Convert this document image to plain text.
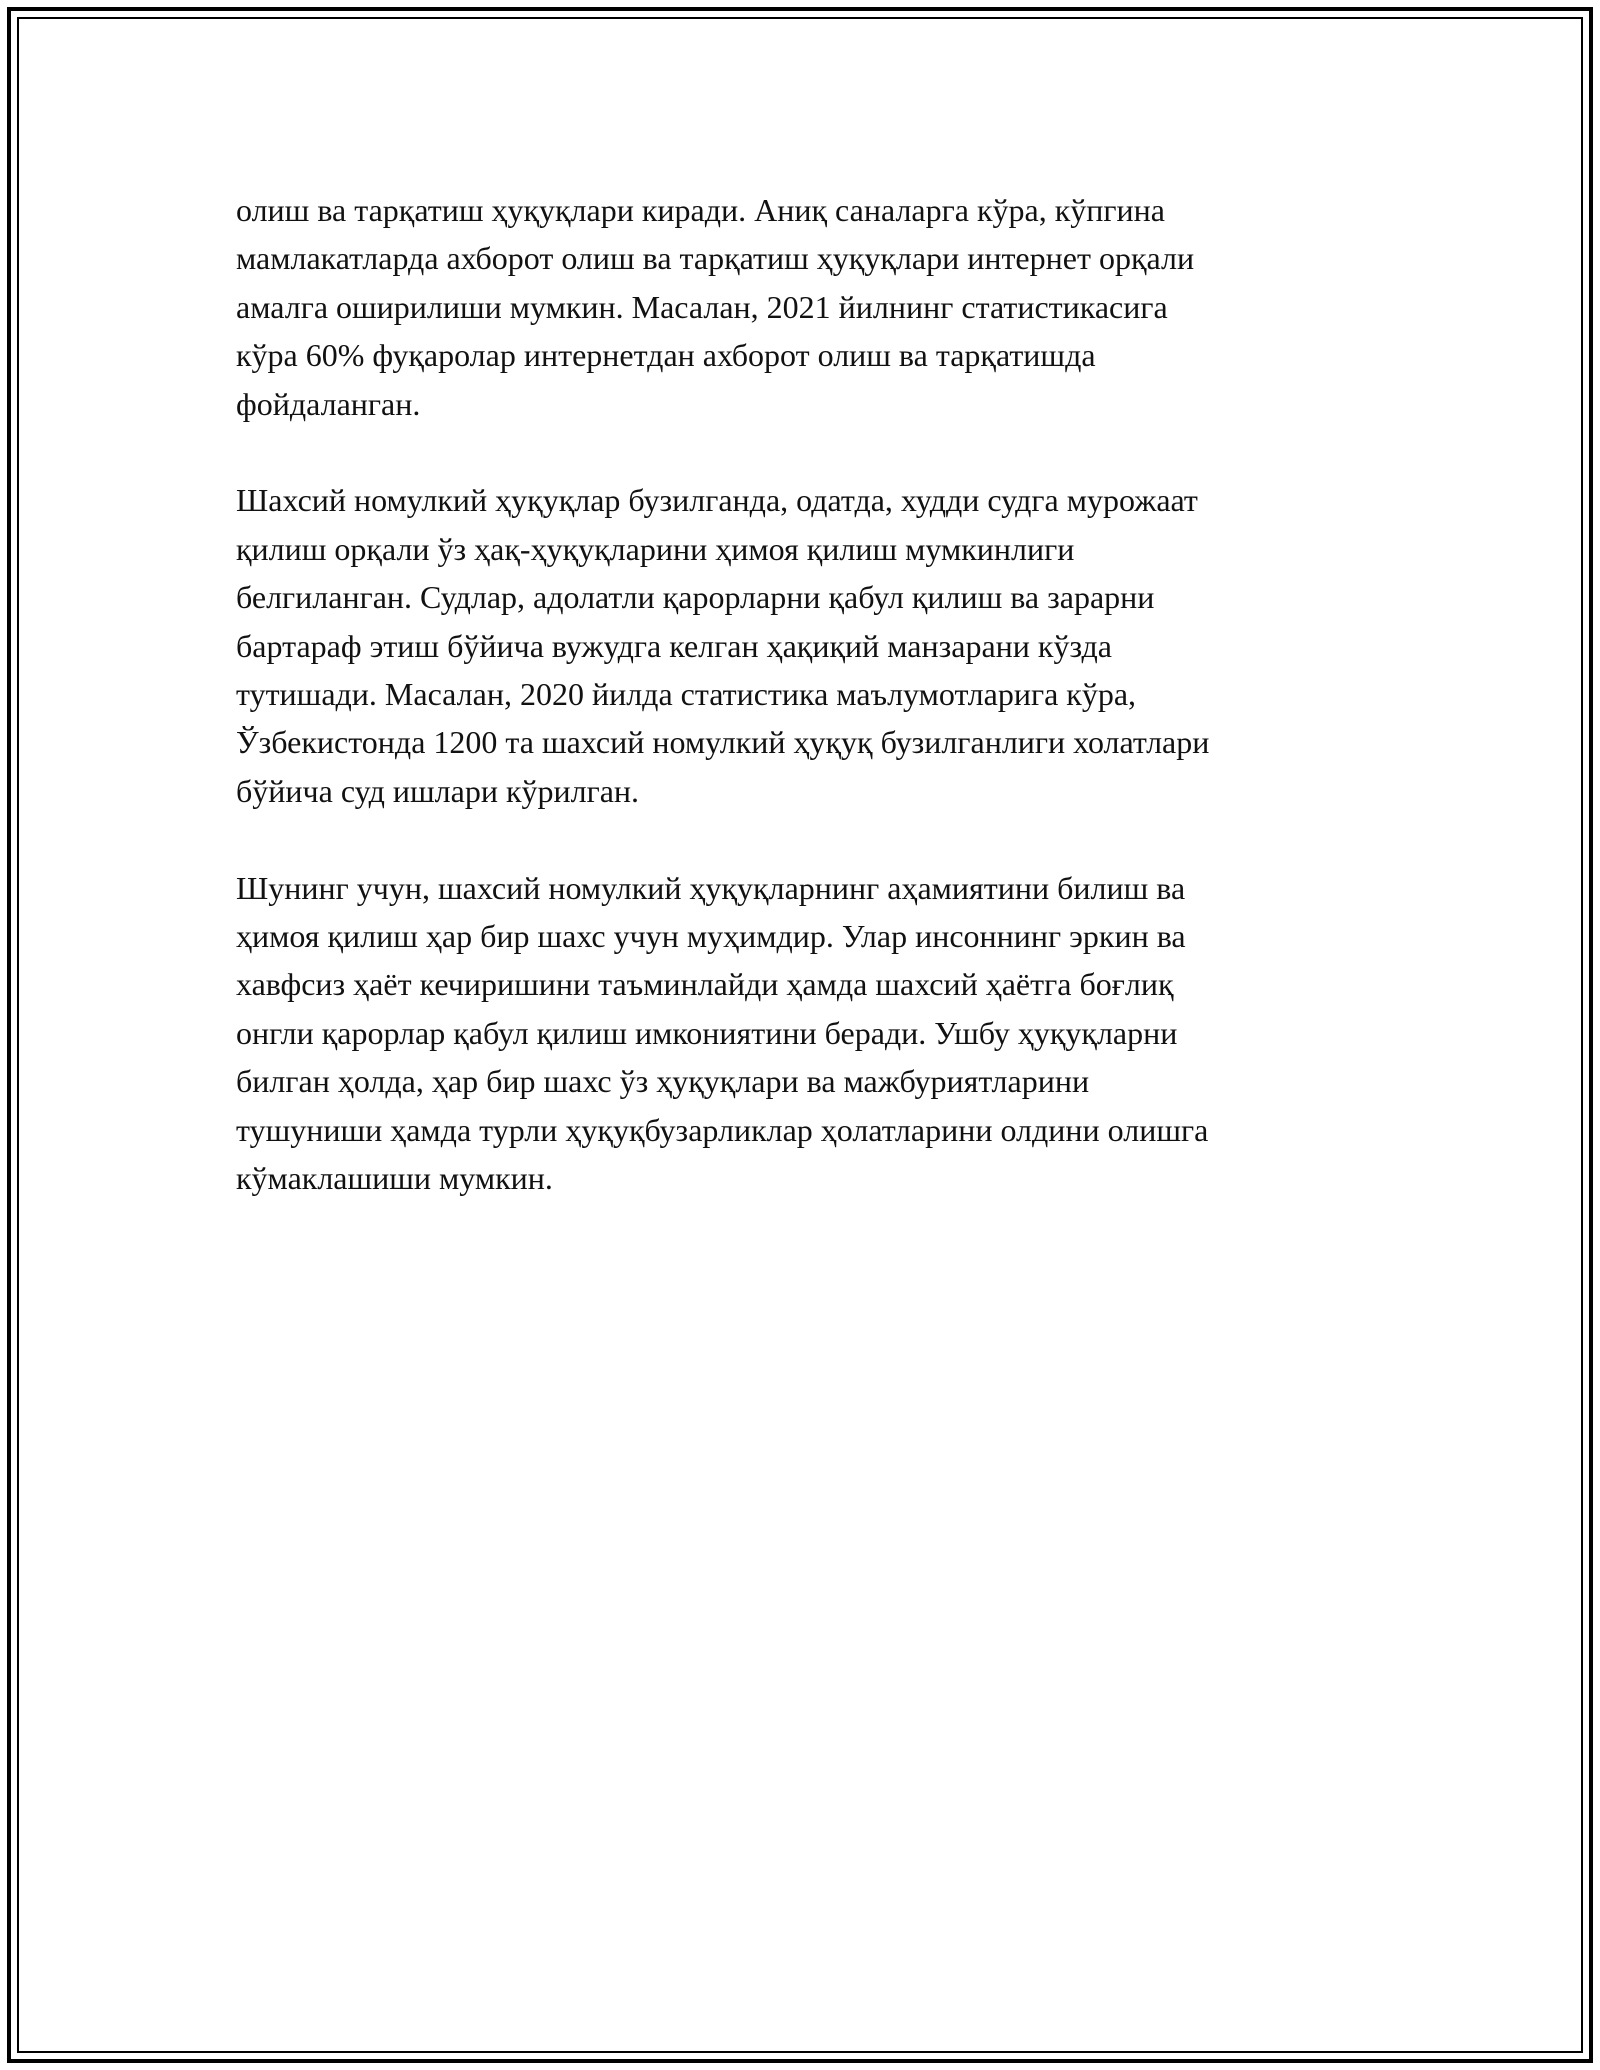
олиш ва тарқатиш ҳуқуқлари киради. Аниқ саналарга кўра, кўпгина
мамлакатларда ахборот олиш ва тарқатиш ҳуқуқлари интернет орқали
амалга оширилиши мумкин. Масалан, 2021 йилнинг статистикасига
кўра 60% фуқаролар интернетдан ахборот олиш ва тарқатишда
фойдаланган.

Шахсий номулкий ҳуқуқлар бузилганда, одатда, худди судга мурожаат
қилиш орқали ўз ҳақ-ҳуқуқларини ҳимоя қилиш мумкинлиги
белгиланган. Судлар, адолатли қарорларни қабул қилиш ва зарарни
бартараф этиш бўйича вужудга келган ҳақиқий манзарани кўзда
тутишади. Масалан, 2020 йилда статистика маълумотларига кўра,
Ўзбекистонда 1200 та шахсий номулкий ҳуқуқ бузилганлиги холатлари
бўйича суд ишлари кўрилган.

Шунинг учун, шахсий номулкий ҳуқуқларнинг аҳамиятини билиш ва
ҳимоя қилиш ҳар бир шахс учун муҳимдир. Улар инсоннинг эркин ва
хавфсиз ҳаёт кечиришини таъминлайди ҳамда шахсий ҳаётга боғлиқ
онгли қарорлар қабул қилиш имкониятини беради. Ушбу ҳуқуқларни
билган ҳолда, ҳар бир шахс ўз ҳуқуқлари ва мажбуриятларини
тушуниши ҳамда турли ҳуқуқбузарликлар ҳолатларини олдини олишга
кўмаклашиши мумкин.
